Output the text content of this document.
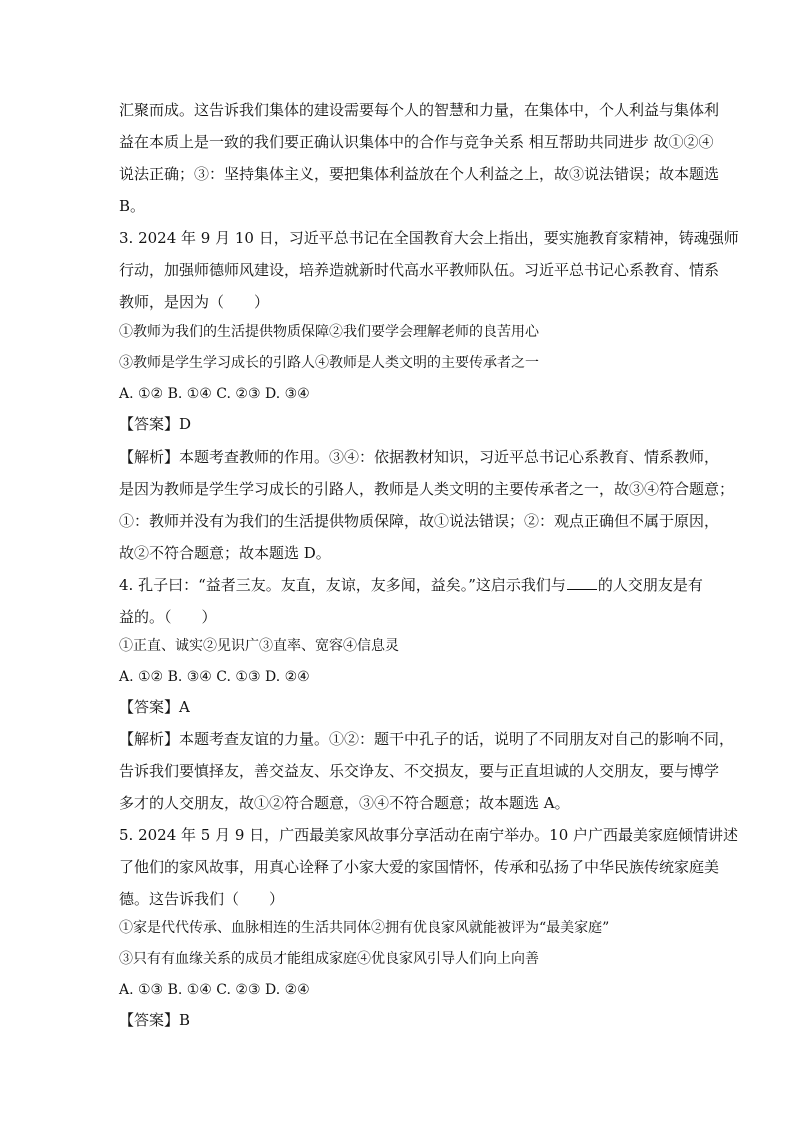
汇聚而成。这告诉我们集体的建设需要每个人的智慧和力量，在集体中，个人利益与集体利
益在本质上是一致的我们要正确认识集体中的合作与竞争关系 相互帮助共同进步 故①②④
说法正确；③：坚持集体主义，要把集体利益放在个人利益之上，故③说法错误；故本题选
B。
3. 2024 年 9 月 10 日，习近平总书记在全国教育大会上指出，要实施教育家精神，铸魂强师
行动，加强师德师风建设，培养造就新时代高水平教师队伍。习近平总书记心系教育、情系
教师，是因为（　　）
①教师为我们的生活提供物质保障②我们要学会理解老师的良苦用心
③教师是学生学习成长的引路人④教师是人类文明的主要传承者之一
A. ①② B. ①④ C. ②③ D. ③④
【答案】D
【解析】本题考查教师的作用。③④：依据教材知识，习近平总书记心系教育、情系教师，
是因为教师是学生学习成长的引路人，教师是人类文明的主要传承者之一，故③④符合题意；
①：教师并没有为我们的生活提供物质保障，故①说法错误；②：观点正确但不属于原因，
故②不符合题意；故本题选 D。
4. 孔子曰：“益者三友。友直，友谅，友多闻，益矣。”这启示我们与 的人交朋友是有
益的。（　　）
①正直、诚实②见识广③直率、宽容④信息灵
A. ①② B. ③④ C. ①③ D. ②④
【答案】A
【解析】本题考查友谊的力量。①②：题干中孔子的话，说明了不同朋友对自己的影响不同，
告诉我们要慎择友，善交益友、乐交诤友、不交损友，要与正直坦诚的人交朋友，要与博学
多才的人交朋友，故①②符合题意，③④不符合题意；故本题选 A。
5. 2024 年 5 月 9 日，广西最美家风故事分享活动在南宁举办。10 户广西最美家庭倾情讲述
了他们的家风故事，用真心诠释了小家大爱的家国情怀，传承和弘扬了中华民族传统家庭美
德。这告诉我们（　　）
①家是代代传承、血脉相连的生活共同体②拥有优良家风就能被评为“最美家庭”
③只有有血缘关系的成员才能组成家庭④优良家风引导人们向上向善
A. ①③ B. ①④ C. ②③ D. ②④
【答案】B
